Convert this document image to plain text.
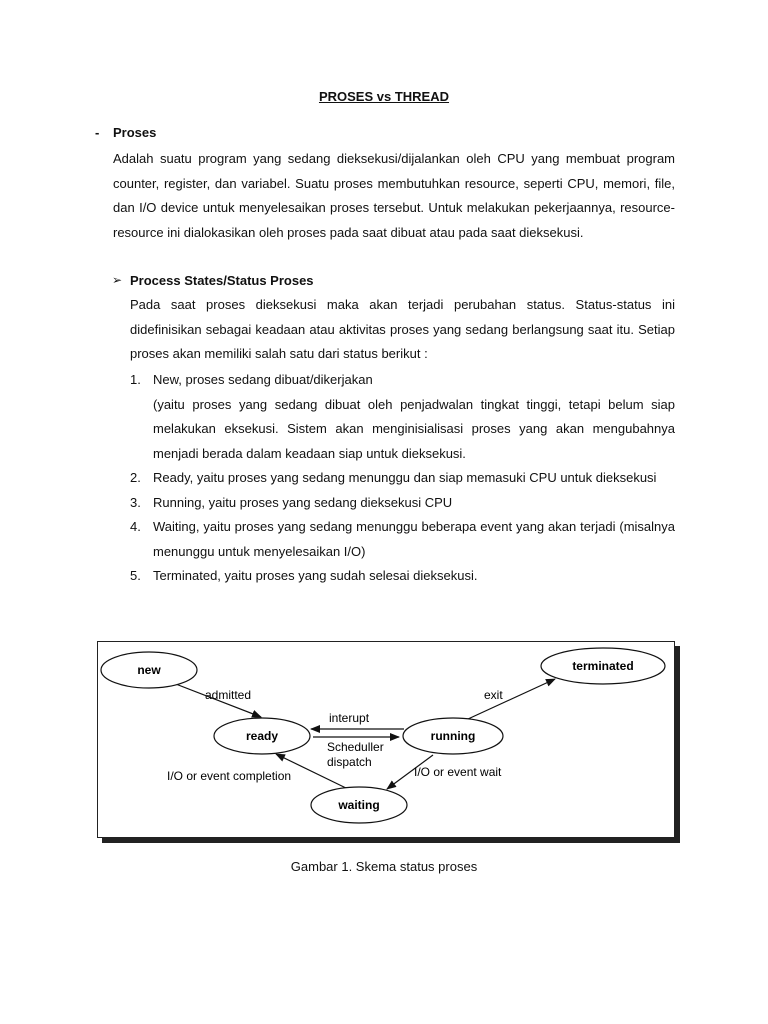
PROSES vs THREAD
- Proses

Adalah suatu program yang sedang dieksekusi/dijalankan oleh CPU yang membuat program counter, register, dan variabel. Suatu proses membutuhkan resource, seperti CPU, memori, file, dan I/O device untuk menyelesaikan proses tersebut. Untuk melakukan pekerjaannya, resource-resource ini dialokasikan oleh proses pada saat dibuat atau pada saat dieksekusi.

➢ Process States/Status Proses

Pada saat proses dieksekusi maka akan terjadi perubahan status. Status-status ini didefinisikan sebagai keadaan atau aktivitas proses yang sedang berlangsung saat itu. Setiap proses akan memiliki salah satu dari status berikut :

1. New, proses sedang dibuat/dikerjakan
(yaitu proses yang sedang dibuat oleh penjadwalan tingkat tinggi, tetapi belum siap melakukan eksekusi. Sistem akan menginisialisasi proses yang akan mengubahnya menjadi berada dalam keadaan siap untuk dieksekusi.
2. Ready, yaitu proses yang sedang menunggu dan siap memasuki CPU untuk dieksekusi
3. Running, yaitu proses yang sedang dieksekusi CPU
4. Waiting, yaitu proses yang sedang menunggu beberapa event yang akan terjadi (misalnya menunggu untuk menyelesaikan I/O)
5. Terminated, yaitu proses yang sudah selesai dieksekusi.
new
ready	running
waiting
terminated
admitted
interupt
Scheduller
dispatch
exit
I/O or event wait
I/O or event completion
Gambar 1. Skema status proses
